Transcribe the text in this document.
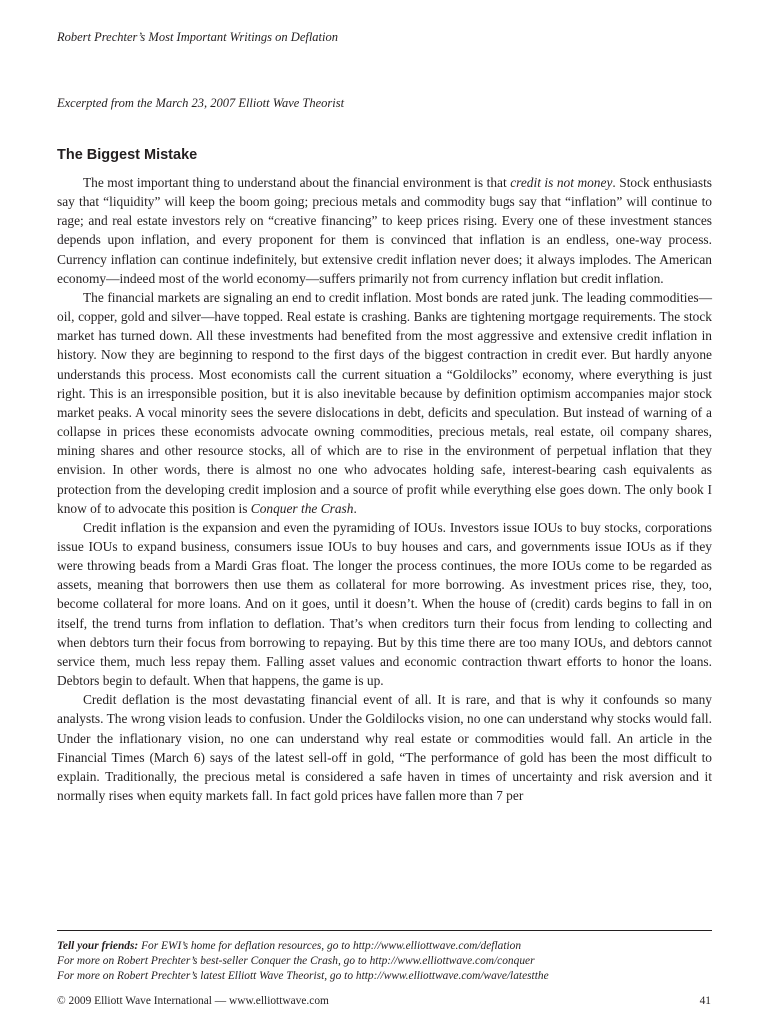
Robert Prechter’s Most Important Writings on Deflation
Excerpted from the March 23, 2007 Elliott Wave Theorist
The Biggest Mistake

The most important thing to understand about the financial environment is that credit is not money. Stock enthusiasts say that “liquidity” will keep the boom going; precious metals and commodity bugs say that “inflation” will continue to rage; and real estate investors rely on “creative financing” to keep prices rising. Every one of these investment stances depends upon inflation, and every proponent for them is convinced that inflation is an endless, one-way process. Currency inflation can continue indefinitely, but extensive credit inflation never does; it always implodes. The American economy—indeed most of the world economy—suffers primarily not from currency inflation but credit inflation.

The financial markets are signaling an end to credit inflation. Most bonds are rated junk. The leading commodities—oil, copper, gold and silver—have topped. Real estate is crashing. Banks are tightening mortgage requirements. The stock market has turned down. All these investments had benefited from the most aggressive and extensive credit inflation in history. Now they are beginning to respond to the first days of the biggest contraction in credit ever. But hardly anyone understands this process. Most economists call the current situation a “Goldilocks” economy, where everything is just right. This is an irresponsible position, but it is also inevitable because by definition optimism accompanies major stock market peaks. A vocal minority sees the severe dislocations in debt, deficits and speculation. But instead of warning of a collapse in prices these economists advocate owning commodities, precious metals, real estate, oil company shares, mining shares and other resource stocks, all of which are to rise in the environment of perpetual inflation that they envision. In other words, there is almost no one who advocates holding safe, interest-bearing cash equivalents as protection from the developing credit implosion and a source of profit while everything else goes down. The only book I know of to advocate this position is Conquer the Crash.

Credit inflation is the expansion and even the pyramiding of IOUs. Investors issue IOUs to buy stocks, corporations issue IOUs to expand business, consumers issue IOUs to buy houses and cars, and governments issue IOUs as if they were throwing beads from a Mardi Gras float. The longer the process continues, the more IOUs come to be regarded as assets, meaning that borrowers then use them as collateral for more borrowing. As investment prices rise, they, too, become collateral for more loans. And on it goes, until it doesn’t. When the house of (credit) cards begins to fall in on itself, the trend turns from inflation to deflation. That’s when creditors turn their focus from lending to collecting and when debtors turn their focus from borrowing to repaying. But by this time there are too many IOUs, and debtors cannot service them, much less repay them. Falling asset values and economic contraction thwart efforts to honor the loans. Debtors begin to default. When that happens, the game is up.

Credit deflation is the most devastating financial event of all. It is rare, and that is why it confounds so many analysts. The wrong vision leads to confusion. Under the Goldilocks vision, no one can understand why stocks would fall. Under the inflationary vision, no one can understand why real estate or commodities would fall. An article in the Financial Times (March 6) says of the latest sell-off in gold, “The performance of gold has been the most difficult to explain. Traditionally, the precious metal is considered a safe haven in times of uncertainty and risk aversion and it normally rises when equity markets fall. In fact gold prices have fallen more than 7 per

Tell your friends: For EWI’s home for deflation resources, go to http://www.elliottwave.com/deflation
For more on Robert Prechter’s best-seller Conquer the Crash, go to http://www.elliottwave.com/conquer
For more on Robert Prechter’s latest Elliott Wave Theorist, go to http://www.elliottwave.com/wave/latestthe
© 2009 Elliott Wave International — www.elliottwave.com	41
